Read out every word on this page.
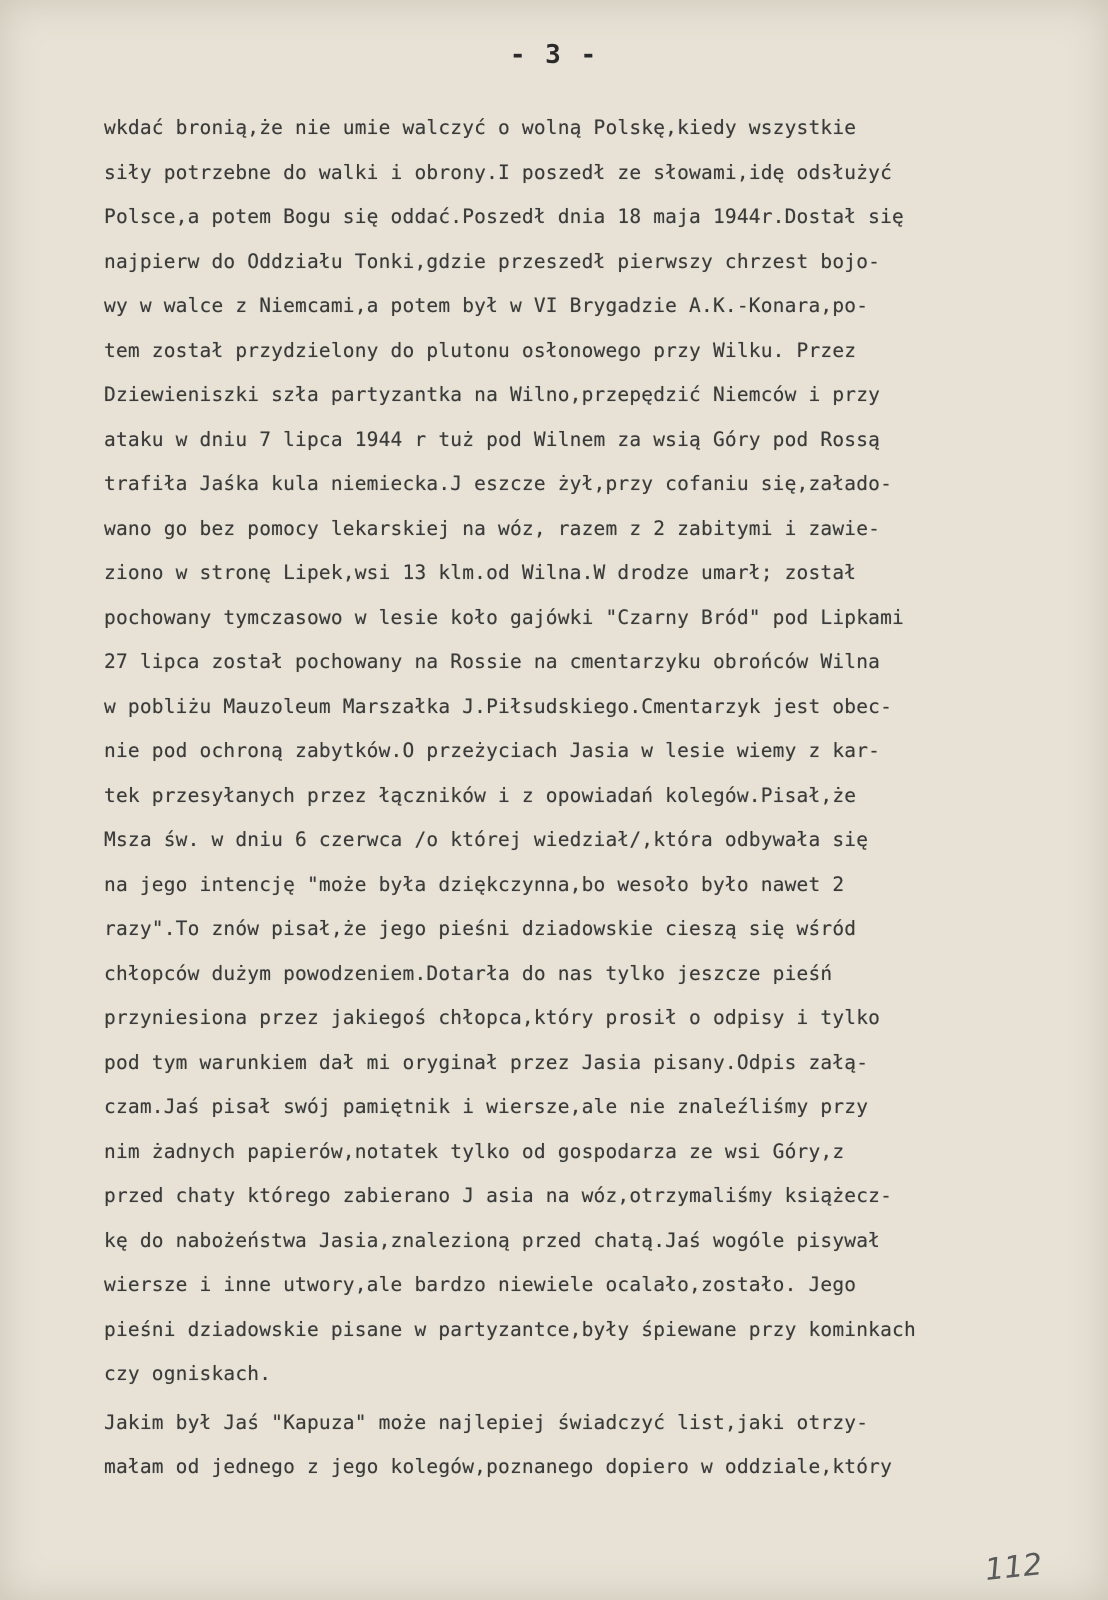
- 3 -
wkdać bronią,że nie umie walczyć o wolną Polskę,kiedy wszystkie
siły potrzebne do walki i obrony.I poszedł ze słowami,idę odsłużyć
Polsce,a potem Bogu się oddać.Poszedł dnia 18 maja 1944r.Dostał się
najpierw do Oddziału Tonki,gdzie przeszedł pierwszy chrzest bojo-
wy w walce z Niemcami,a potem był w VI Brygadzie A.K.-Konara,po-
tem został przydzielony do plutonu osłonowego przy Wilku. Przez
Dziewieniszki szła partyzantka na Wilno,przepędzić Niemców i przy
ataku w dniu 7 lipca 1944 r tuż pod Wilnem za wsią Góry pod Rossą
trafiła Jaśka kula niemiecka.J eszcze żył,przy cofaniu się,załado-
wano go bez pomocy lekarskiej na wóz, razem z 2 zabitymi i zawie-
ziono w stronę Lipek,wsi 13 klm.od Wilna.W drodze umarł; został
pochowany tymczasowo w lesie koło gajówki "Czarny Bród" pod Lipkami
27 lipca został pochowany na Rossie na cmentarzyku obrońców Wilna
w pobliżu Mauzoleum Marszałka J.Piłsudskiego.Cmentarzyk jest obec-
nie pod ochroną zabytków.O przeżyciach Jasia w lesie wiemy z kar-
tek przesyłanych przez łączników i z opowiadań kolegów.Pisał,że
Msza św. w dniu 6 czerwca /o której wiedział/,która odbywała się
na jego intencję "może była dziękczynna,bo wesoło było nawet 2
razy".To znów pisał,że jego pieśni dziadowskie cieszą się wśród
chłopców dużym powodzeniem.Dotarła do nas tylko jeszcze pieśń
przyniesiona przez jakiegoś chłopca,który prosił o odpisy i tylko
pod tym warunkiem dał mi oryginał przez Jasia pisany.Odpis załą-
czam.Jaś pisał swój pamiętnik i wiersze,ale nie znaleźliśmy przy
nim żadnych papierów,notatek tylko od gospodarza ze wsi Góry,z
przed chaty którego zabierano J asia na wóz,otrzymaliśmy książecz-
kę do nabożeństwa Jasia,znalezioną przed chatą.Jaś wogóle pisywał
wiersze i inne utwory,ale bardzo niewiele ocalało,zostało. Jego
pieśni dziadowskie pisane w partyzantce,były śpiewane przy kominkach
czy ogniskach.
Jakim był Jaś "Kapuza" może najlepiej świadczyć list,jaki otrzy-
małam od jednego z jego kolegów,poznanego dopiero w oddziale,który
112
